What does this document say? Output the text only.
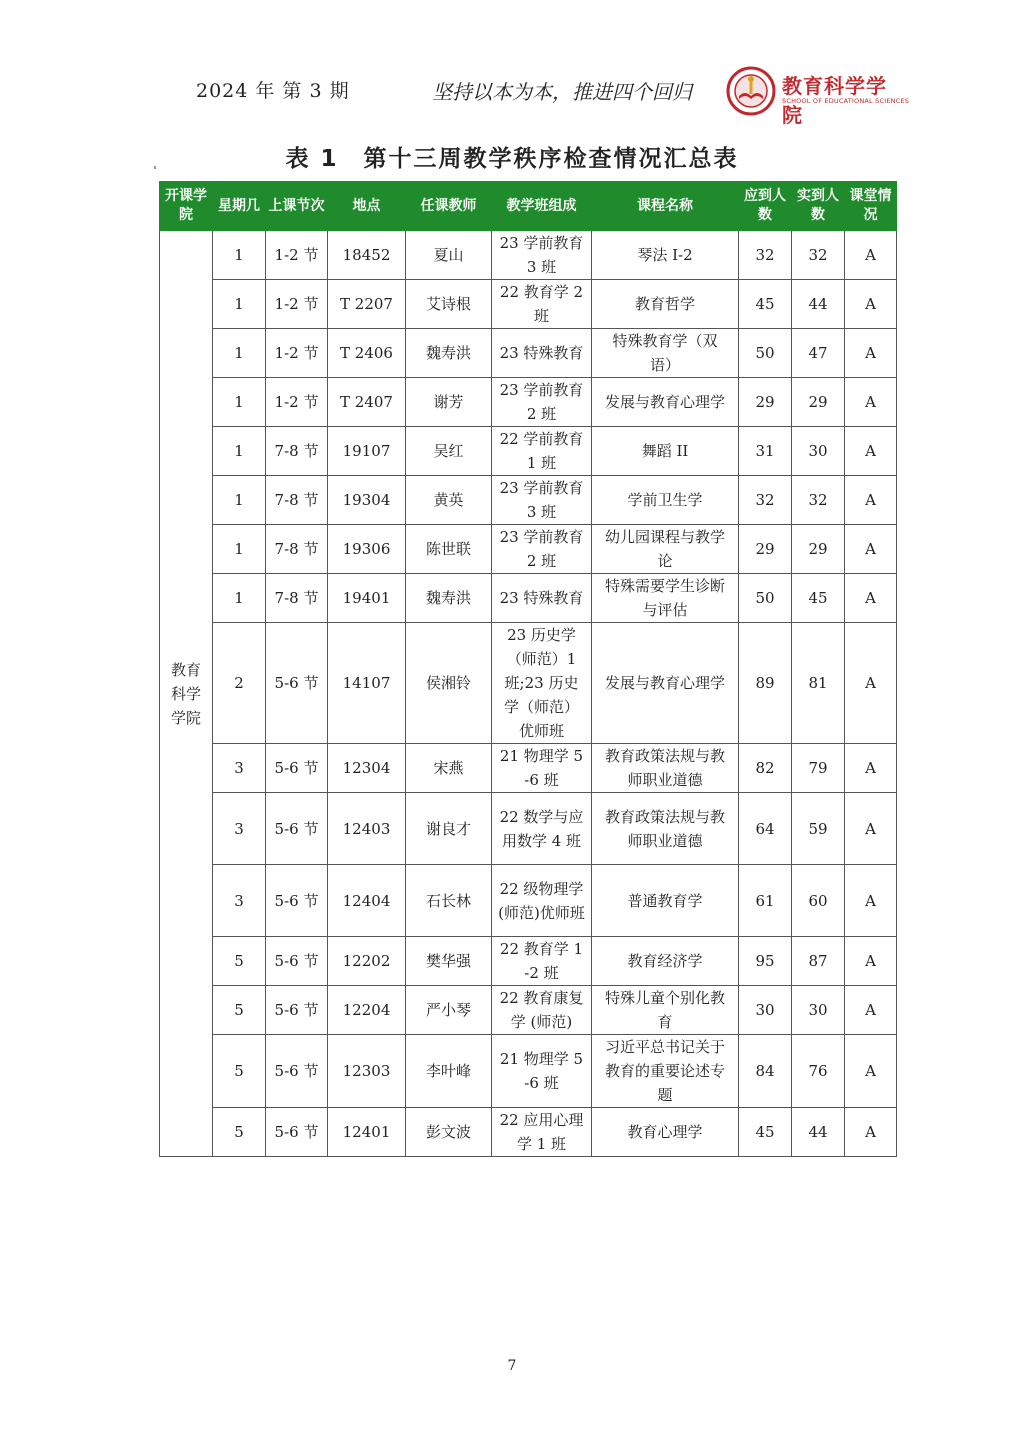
2024 年 第 3 期	坚持以本为本，推进四个回归	教育科学学院
SCHOOL OF EDUCATIONAL SCIENCES
表 1　第十三周教学秩序检查情况汇总表
开课学院	星期几	上课节次	地点	任课教师	教学班组成	课程名称	应到人数	实到人数	课堂情况
教育科学学院	1	1-2 节	18452	夏山	23 学前教育 3 班	琴法 I-2	32	32	A
	1	1-2 节	T 2207	艾诗根	22 教育学 2 班	教育哲学	45	44	A
	1	1-2 节	T 2406	魏寿洪	23 特殊教育	特殊教育学（双语）	50	47	A
	1	1-2 节	T 2407	谢芳	23 学前教育 2 班	发展与教育心理学	29	29	A
	1	7-8 节	19107	吴红	22 学前教育 1 班	舞蹈 II	31	30	A
	1	7-8 节	19304	黄英	23 学前教育 3 班	学前卫生学	32	32	A
	1	7-8 节	19306	陈世联	23 学前教育 2 班	幼儿园课程与教学论	29	29	A
	1	7-8 节	19401	魏寿洪	23 特殊教育	特殊需要学生诊断与评估	50	45	A
	2	5-6 节	14107	侯湘铃	23 历史学（师范）1 班;23 历史学（师范）优师班	发展与教育心理学	89	81	A
	3	5-6 节	12304	宋燕	21 物理学 5-6 班	教育政策法规与教师职业道德	82	79	A
	3	5-6 节	12403	谢良才	22 数学与应用数学 4 班	教育政策法规与教师职业道德	64	59	A
	3	5-6 节	12404	石长林	22 级物理学(师范)优师班	普通教育学	61	60	A
	5	5-6 节	12202	樊华强	22 教育学 1-2 班	教育经济学	95	87	A
	5	5-6 节	12204	严小琴	22 教育康复学 (师范)	特殊儿童个别化教育	30	30	A
	5	5-6 节	12303	李叶峰	21 物理学 5-6 班	习近平总书记关于教育的重要论述专题	84	76	A
	5	5-6 节	12401	彭文波	22 应用心理学 1 班	教育心理学	45	44	A
7
